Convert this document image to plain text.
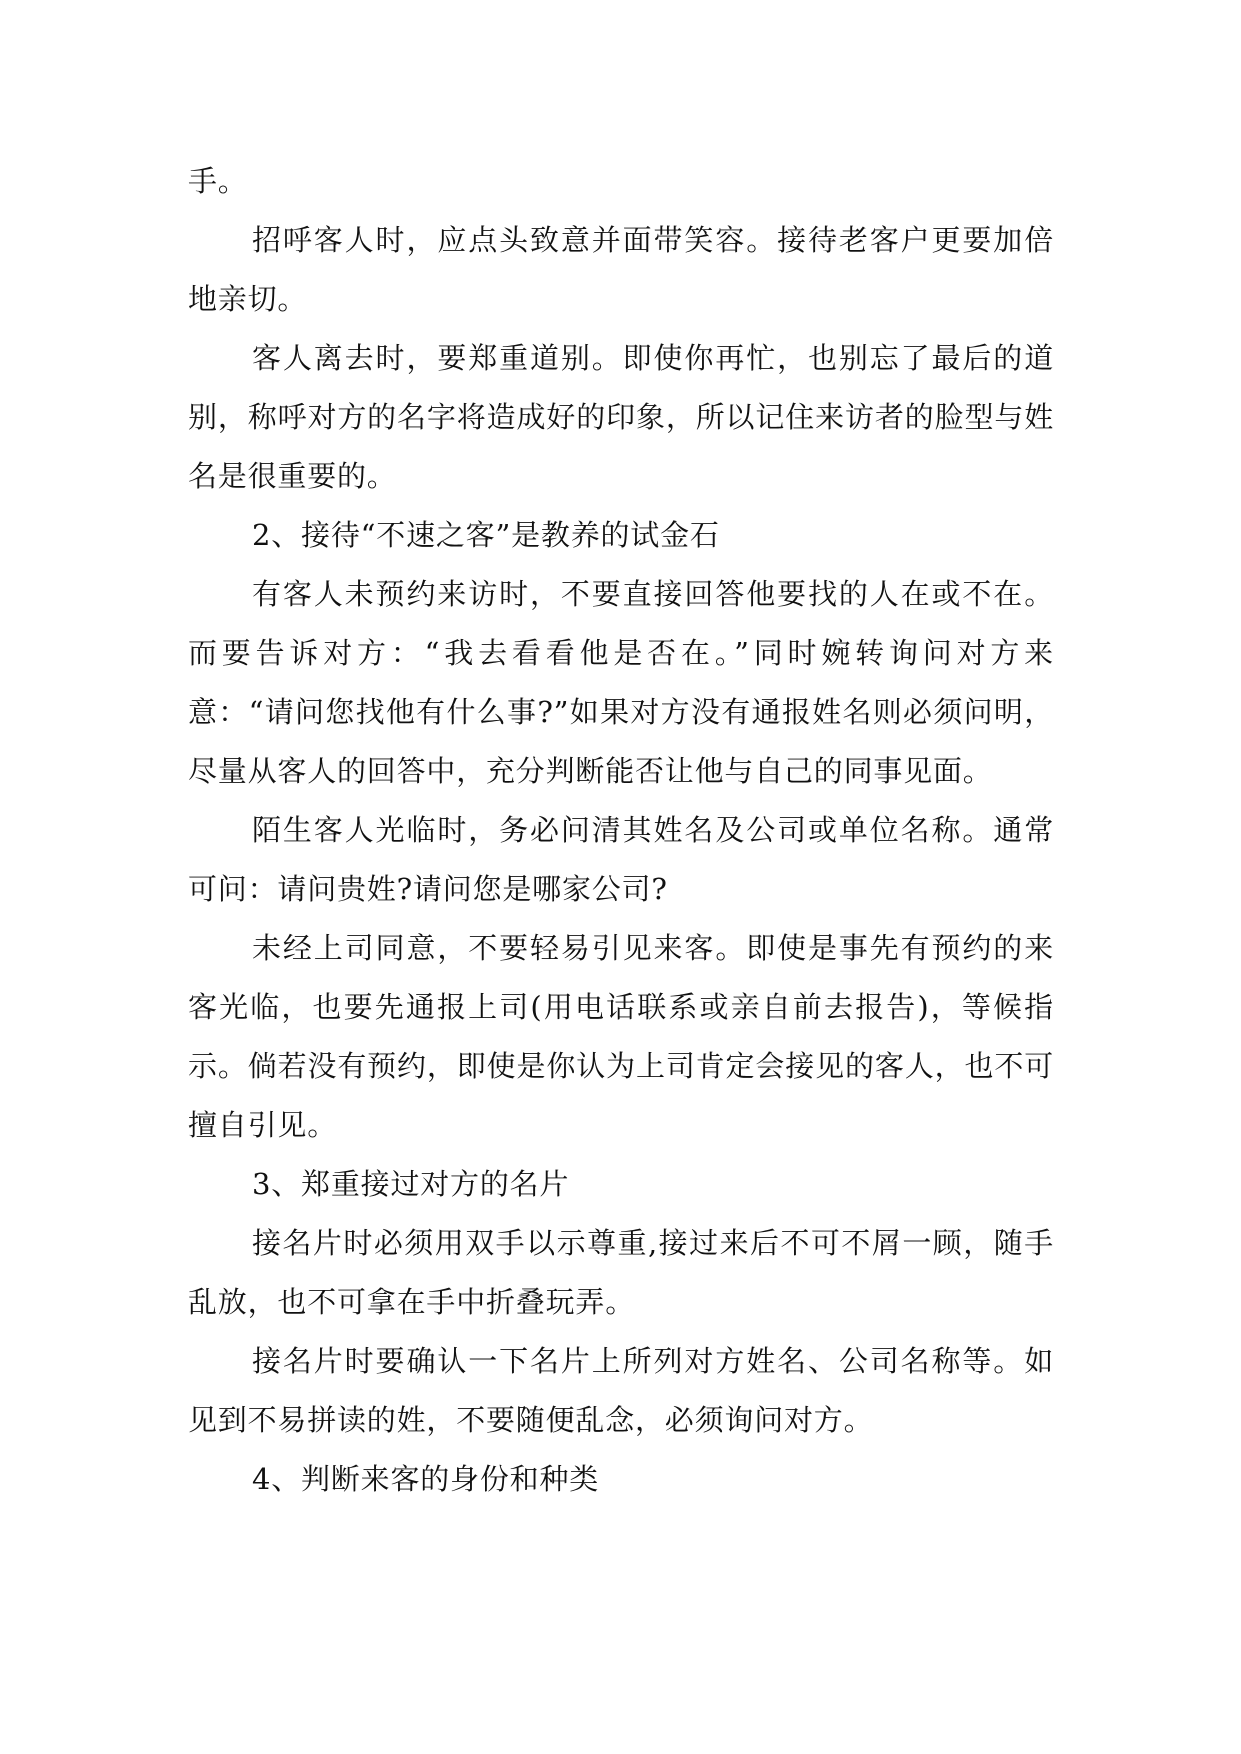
手。

招呼客人时，应点头致意并面带笑容。接待老客户更要加倍地亲切。

客人离去时，要郑重道别。即使你再忙，也别忘了最后的道别，称呼对方的名字将造成好的印象，所以记住来访者的脸型与姓名是很重要的。

2、接待“不速之客”是教养的试金石

有客人未预约来访时，不要直接回答他要找的人在或不在。而要告诉对方：“我去看看他是否在。”同时婉转询问对方来意：“请问您找他有什么事?”如果对方没有通报姓名则必须问明，尽量从客人的回答中，充分判断能否让他与自己的同事见面。

陌生客人光临时，务必问清其姓名及公司或单位名称。通常可问：请问贵姓?请问您是哪家公司?

未经上司同意，不要轻易引见来客。即使是事先有预约的来客光临，也要先通报上司(用电话联系或亲自前去报告)，等候指示。倘若没有预约，即使是你认为上司肯定会接见的客人，也不可擅自引见。

3、郑重接过对方的名片

接名片时必须用双手以示尊重,接过来后不可不屑一顾，随手乱放，也不可拿在手中折叠玩弄。

接名片时要确认一下名片上所列对方姓名、公司名称等。如见到不易拼读的姓，不要随便乱念，必须询问对方。

4、判断来客的身份和种类
